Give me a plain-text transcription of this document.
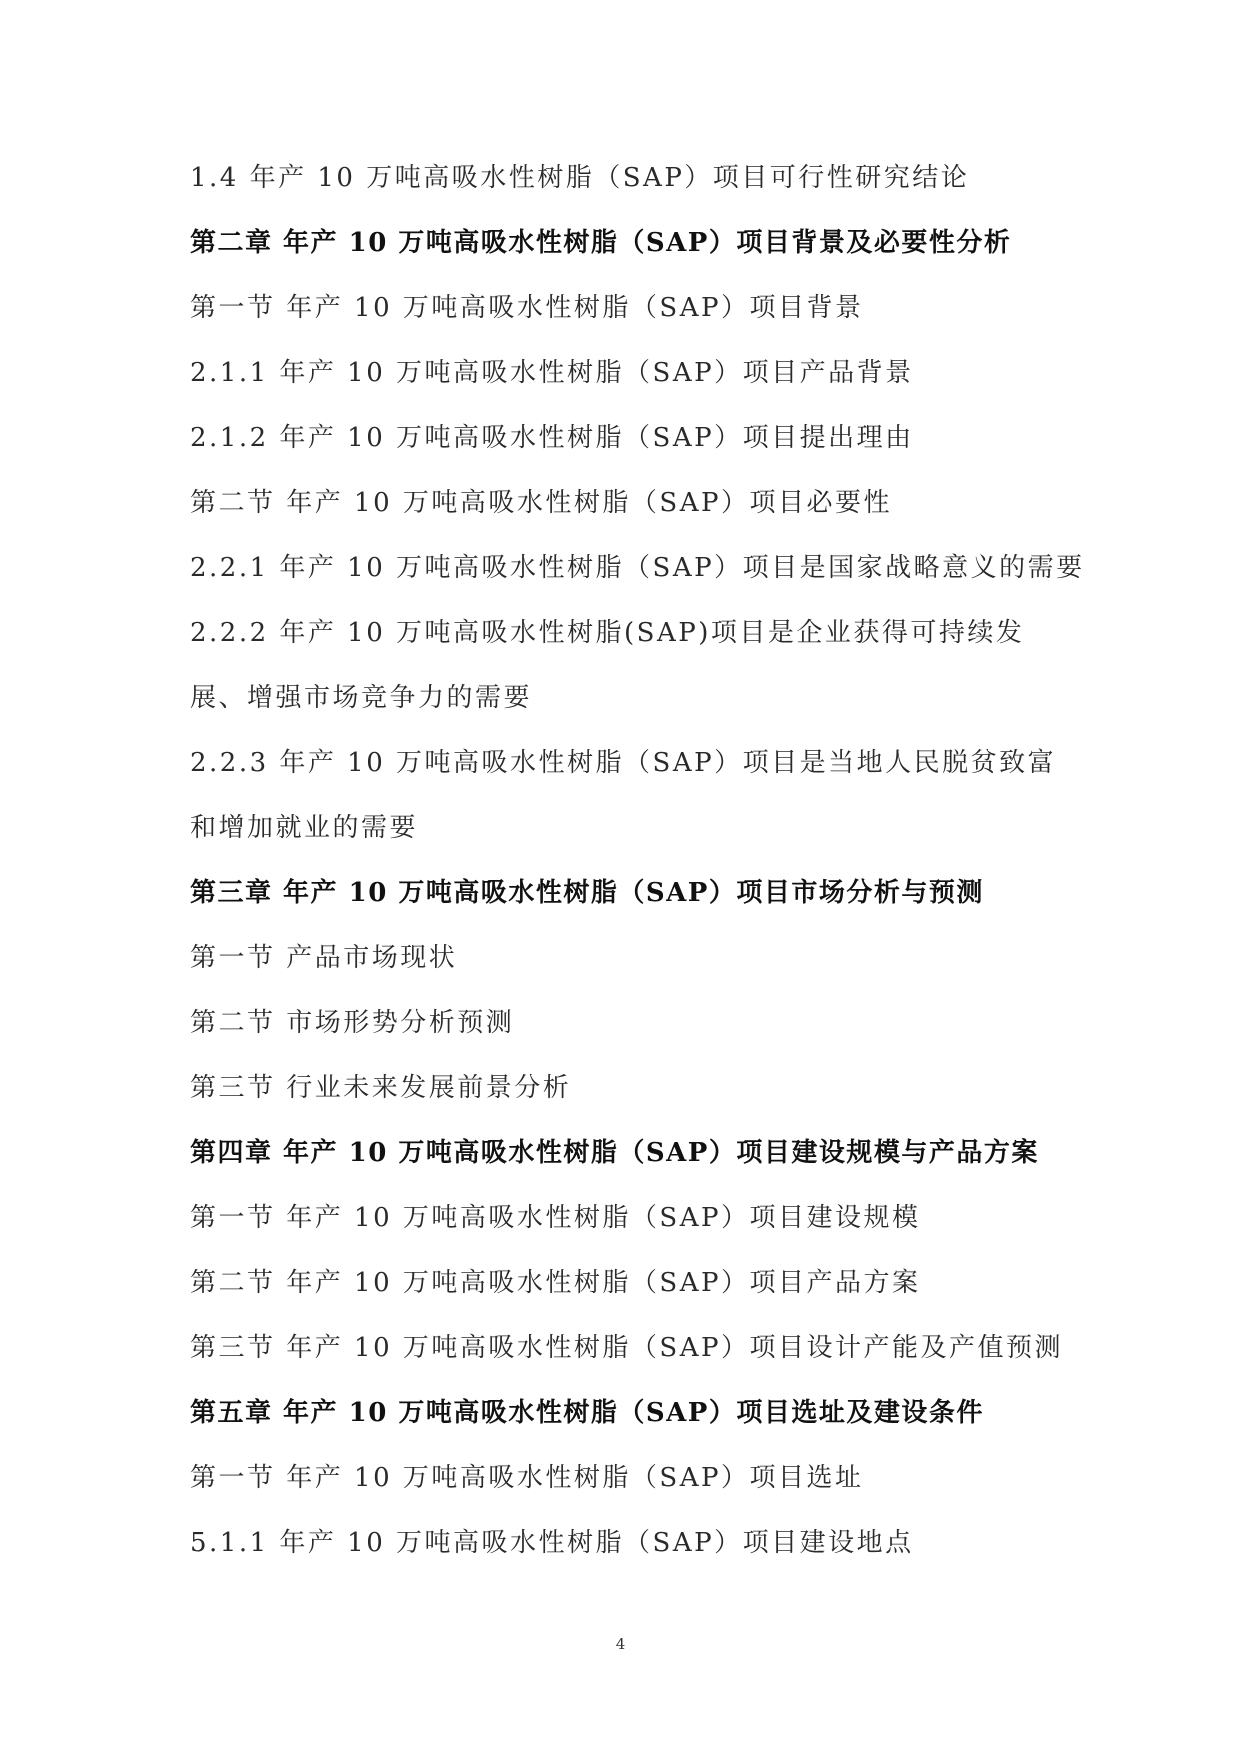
1.4 年产 10 万吨高吸水性树脂（SAP）项目可行性研究结论
第二章 年产 10 万吨高吸水性树脂（SAP）项目背景及必要性分析
第一节 年产 10 万吨高吸水性树脂（SAP）项目背景
2.1.1 年产 10 万吨高吸水性树脂（SAP）项目产品背景
2.1.2 年产 10 万吨高吸水性树脂（SAP）项目提出理由
第二节 年产 10 万吨高吸水性树脂（SAP）项目必要性
2.2.1 年产 10 万吨高吸水性树脂（SAP）项目是国家战略意义的需要
2.2.2 年产 10 万吨高吸水性树脂(SAP)项目是企业获得可持续发展、增强市场竞争力的需要
2.2.3 年产 10 万吨高吸水性树脂（SAP）项目是当地人民脱贫致富和增加就业的需要
第三章 年产 10 万吨高吸水性树脂（SAP）项目市场分析与预测
第一节 产品市场现状
第二节 市场形势分析预测
第三节 行业未来发展前景分析
第四章 年产 10 万吨高吸水性树脂（SAP）项目建设规模与产品方案
第一节 年产 10 万吨高吸水性树脂（SAP）项目建设规模
第二节 年产 10 万吨高吸水性树脂（SAP）项目产品方案
第三节 年产 10 万吨高吸水性树脂（SAP）项目设计产能及产值预测
第五章 年产 10 万吨高吸水性树脂（SAP）项目选址及建设条件
第一节 年产 10 万吨高吸水性树脂（SAP）项目选址
5.1.1 年产 10 万吨高吸水性树脂（SAP）项目建设地点
4
